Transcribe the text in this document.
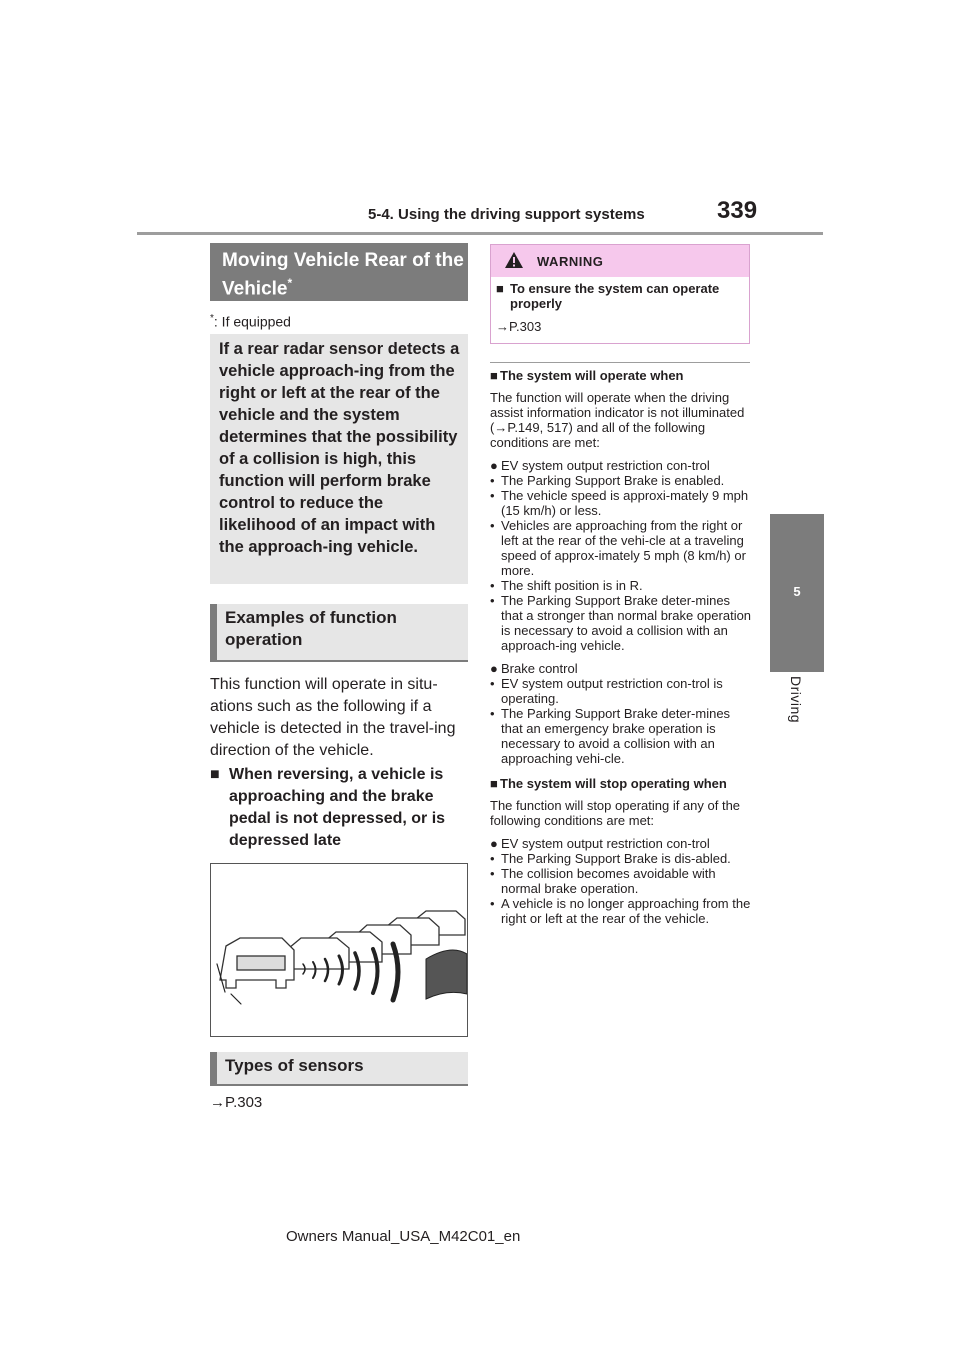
5-4. Using the driving support systems	339
5
Driving
Moving Vehicle Rear of the Vehicle*
*: If equipped
If a rear radar sensor detects a vehicle approach-ing from the right or left at the rear of the vehicle and the system determines that the possibility of a collision is high, this function will perform brake control to reduce the likelihood of an impact with the approach-ing vehicle.
Examples of function operation
This function will operate in situ-ations such as the following if a vehicle is detected in the travel-ing direction of the vehicle.
■ When reversing, a vehicle is approaching and the brake pedal is not depressed, or is depressed late
Types of sensors
→P.303
WARNING
■ To ensure the system can operate properly
→P.303
■ The system will operate when

The function will operate when the driving assist information indicator is not illuminated (→P.149, 517) and all of the following conditions are met:

● EV system output restriction con-trol
• The Parking Support Brake is enabled.
• The vehicle speed is approxi-mately 9 mph (15 km/h) or less.
• Vehicles are approaching from the right or left at the rear of the vehi-cle at a traveling speed of approx-imately 5 mph (8 km/h) or more.
• The shift position is in R.
• The Parking Support Brake deter-mines that a stronger than normal brake operation is necessary to avoid a collision with an approach-ing vehicle.
● Brake control
• EV system output restriction con-trol is operating.
• The Parking Support Brake deter-mines that an emergency brake operation is necessary to avoid a collision with an approaching vehi-cle.
■ The system will stop operating when

The function will stop operating if any of the following conditions are met:

● EV system output restriction con-trol
• The Parking Support Brake is dis-abled.
• The collision becomes avoidable with normal brake operation.
• A vehicle is no longer approaching from the right or left at the rear of the vehicle.
Owners Manual_USA_M42C01_en
